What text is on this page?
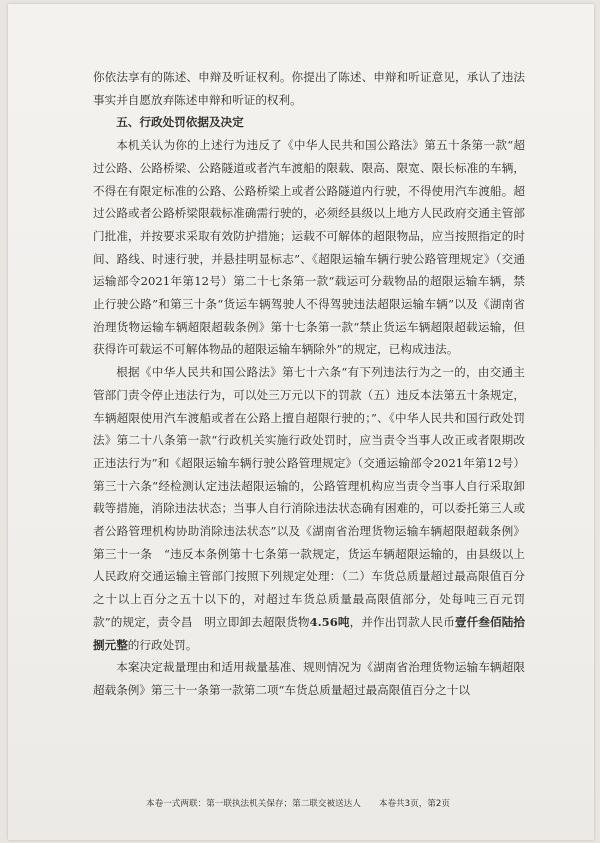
你依法享有的陈述、申辩及听证权利。你提出了陈述、申辩和听证意见，承认了违法事实并自愿放弃陈述申辩和听证的权利。

五、行政处罚依据及决定

本机关认为你的上述行为违反了《中华人民共和国公路法》第五十条第一款“超过公路、公路桥梁、公路隧道或者汽车渡船的限载、限高、限宽、限长标准的车辆，不得在有限定标准的公路、公路桥梁上或者公路隧道内行驶，不得使用汽车渡船。超过公路或者公路桥梁限载标准确需行驶的，必须经县级以上地方人民政府交通主管部门批准，并按要求采取有效防护措施；运载不可解体的超限物品，应当按照指定的时间、路线、时速行驶，并悬挂明显标志”、《超限运输车辆行驶公路管理规定》（交通运输部令2021年第12号）第二十七条第一款“载运可分载物品的超限运输车辆，禁止行驶公路”和第三十条“货运车辆驾驶人不得驾驶违法超限运输车辆”以及《湖南省治理货物运输车辆超限超载条例》第十七条第一款“禁止货运车辆超限超载运输，但获得许可载运不可解体物品的超限运输车辆除外”的规定，已构成违法。

根据《中华人民共和国公路法》第七十六条“有下列违法行为之一的，由交通主管部门责令停止违法行为，可以处三万元以下的罚款（五）违反本法第五十条规定，车辆超限使用汽车渡船或者在公路上擅自超限行驶的；”、《中华人民共和国行政处罚法》第二十八条第一款“行政机关实施行政处罚时，应当责令当事人改正或者限期改正违法行为”和《超限运输车辆行驶公路管理规定》（交通运输部令2021年第12号）第三十六条“经检测认定违法超限运输的，公路管理机构应当责令当事人自行采取卸载等措施，消除违法状态；当事人自行消除违法状态确有困难的，可以委托第三人或者公路管理机构协助消除违法状态”以及《湖南省治理货物运输车辆超限超载条例》第三十一条　“违反本条例第十七条第一款规定，货运车辆超限运输的，由县级以上人民政府交通运输主管部门按照下列规定处理：（二）车货总质量超过最高限值百分之十以上百分之五十以下的，对超过车货总质量最高限值部分，处每吨三百元罚款”的规定，责令昌　明立即卸去超限货物4.56吨，并作出罚款人民币壹仟叁佰陆拾捌元整的行政处罚。

本案决定裁量理由和适用裁量基准、规则情况为《湖南省治理货物运输车辆超限超载条例》第三十一条第一款第二项“车货总质量超过最高限值百分之十以

本卷一式两联：第一联执法机关保存；第二联交被送达人 本卷共3页，第2页
